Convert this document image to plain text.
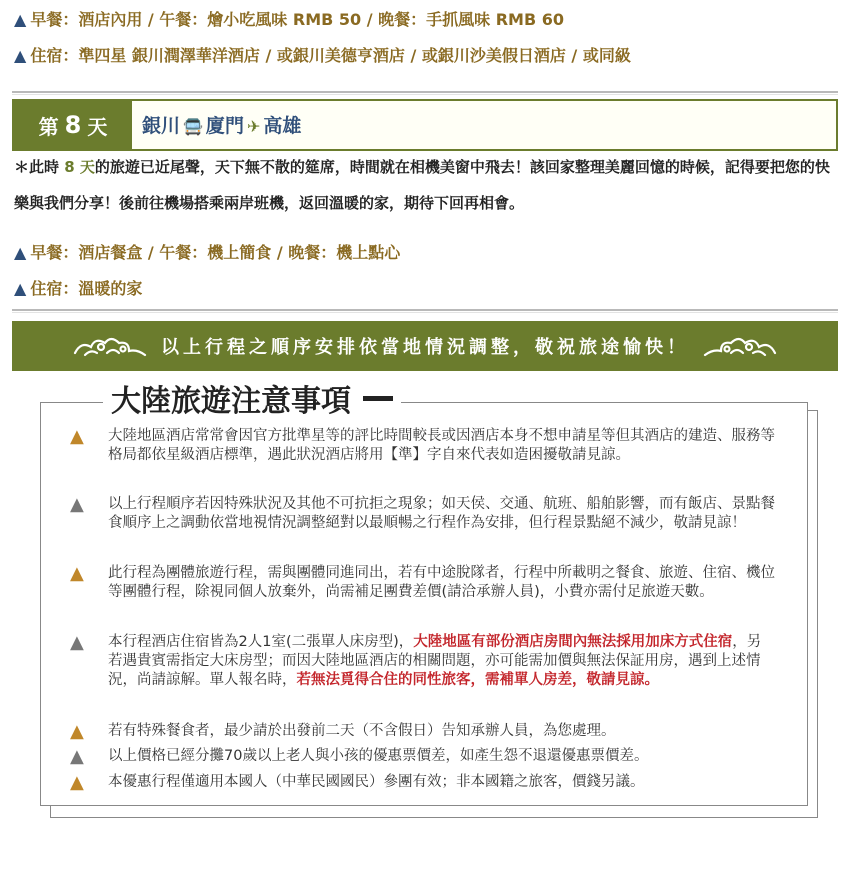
▲ 早餐：酒店內用 / 午餐：燴小吃風味 RMB 50 / 晚餐：手抓風味 RMB 60
▲ 住宿：準四星 銀川潤澤華洋酒店 / 或銀川美德亨酒店 / 或銀川沙美假日酒店 / 或同級
第 8 天 銀川 🚍 廈門 ✈ 高雄
＊此時 8 天的旅遊已近尾聲，天下無不散的筵席，時間就在相機美窗中飛去！該回家整理美麗回憶的時候，記得要把您的快樂與我們分享！後前往機場搭乘兩岸班機，返回溫暖的家，期待下回再相會。
▲ 早餐：酒店餐盒 / 午餐：機上簡食 / 晚餐：機上點心
▲ 住宿：溫暖的家
以上行程之順序安排依當地情況調整，敬祝旅途愉快！
大陸旅遊注意事項
▲	大陸地區酒店常常會因官方批準星等的評比時間較長或因酒店本身不想申請星等但其酒店的建造、服務等格局都依星級酒店標準，遇此狀況酒店將用【準】字自來代表如造困擾敬請見諒。
▲	以上行程順序若因特殊狀況及其他不可抗拒之現象；如天侯、交通、航班、船舶影響，而有飯店、景點餐食順序上之調動依當地視情況調整絕對以最順暢之行程作為安排，但行程景點絕不減少，敬請見諒！
▲	此行程為團體旅遊行程，需與團體同進同出，若有中途脫隊者，行程中所載明之餐食、旅遊、住宿、機位等團體行程，除視同個人放棄外，尚需補足團費差價(請洽承辦人員)，小費亦需付足旅遊天數。
▲	本行程酒店住宿皆為2人1室(二張單人床房型)，大陸地區有部份酒店房間內無法採用加床方式住宿，另若遇貴賓需指定大床房型；而因大陸地區酒店的相關問題，亦可能需加價與無法保証用房，遇到上述情況，尚請諒解。單人報名時，若無法覓得合住的同性旅客，需補單人房差，敬請見諒。
▲	若有特殊餐食者，最少請於出發前二天（不含假日）告知承辦人員，為您處理。
▲	以上價格已經分攤70歲以上老人與小孩的優惠票價差，如產生怨不退還優惠票價差。
▲	本優惠行程僅適用本國人（中華民國國民）參團有效；非本國籍之旅客，價錢另議。
